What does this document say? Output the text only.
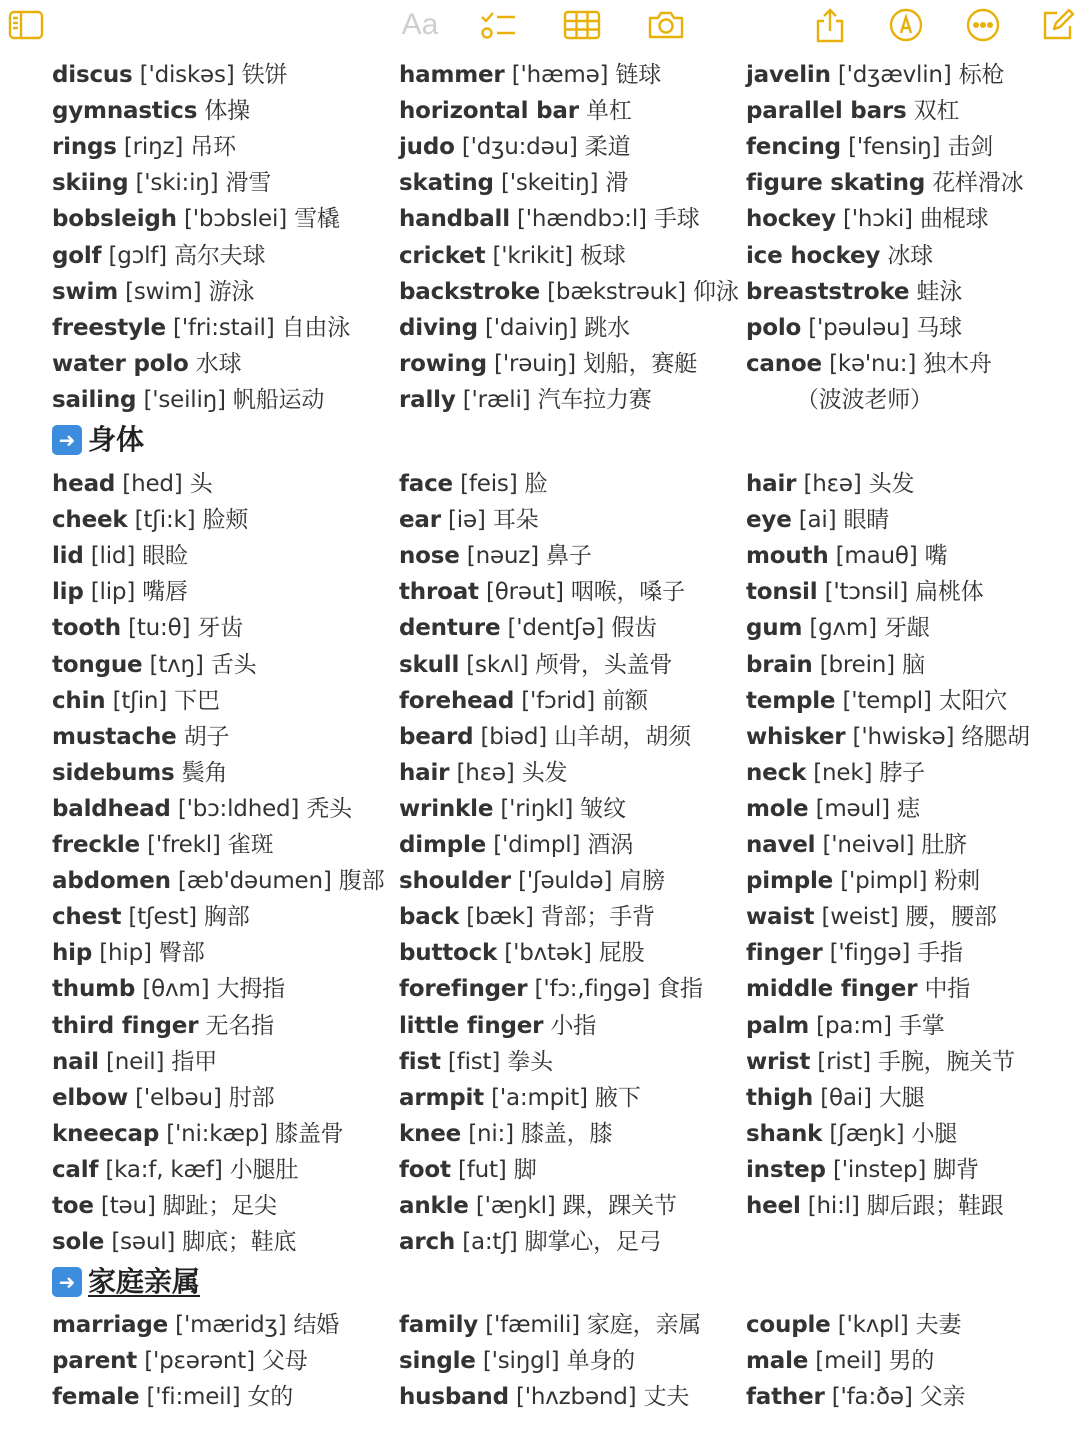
Aa
discus ['diskəs] 铁饼
gymnastics 体操
rings [riŋz] 吊环
skiing ['ski:iŋ] 滑雪
bobsleigh ['bɔbslei] 雪橇
golf [gɔlf] 高尔夫球
swim [swim] 游泳
freestyle ['fri:stail] 自由泳
water polo 水球
sailing ['seiliŋ] 帆船运动
hammer ['hæmə] 链球
horizontal bar 单杠
judo ['dʒu:dəu] 柔道
skating ['skeitiŋ] 滑
handball ['hændbɔ:l] 手球
cricket ['krikit] 板球
backstroke [bækstrəuk] 仰泳
diving ['daiviŋ] 跳水
rowing ['rəuiŋ] 划船，赛艇
rally ['ræli] 汽车拉力赛
javelin ['dʒævlin] 标枪
parallel bars 双杠
fencing ['fensiŋ] 击剑
figure skating 花样滑冰
hockey ['hɔki] 曲棍球
ice hockey 冰球
breaststroke 蛙泳
polo ['pəuləu] 马球
canoe [kə'nu:] 独木舟
（波波老师）
➜
身体
head [hed] 头
cheek [tʃi:k] 脸颊
lid [lid] 眼睑
lip [lip] 嘴唇
tooth [tu:θ] 牙齿
tongue [tʌŋ] 舌头
chin [tʃin] 下巴
mustache 胡子
sidebums 鬓角
baldhead ['bɔ:ldhed] 秃头
freckle ['frekl] 雀斑
abdomen [æb'dəumen] 腹部
chest [tʃest] 胸部
hip [hip] 臀部
thumb [θʌm] 大拇指
third finger 无名指
nail [neil] 指甲
elbow ['elbəu] 肘部
kneecap ['ni:kæp] 膝盖骨
calf [ka:f, kæf] 小腿肚
toe [təu] 脚趾；足尖
sole [səul] 脚底；鞋底
face [feis] 脸
ear [iə] 耳朵
nose [nəuz] 鼻子
throat [θrəut] 咽喉，嗓子
denture ['dentʃə] 假齿
skull [skʌl] 颅骨，头盖骨
forehead ['fɔrid] 前额
beard [biəd] 山羊胡，胡须
hair [hεə] 头发
wrinkle ['riŋkl] 皱纹
dimple ['dimpl] 酒涡
shoulder ['ʃəuldə] 肩膀
back [bæk] 背部；手背
buttock ['bʌtək] 屁股
forefinger ['fɔ:,fiŋgə] 食指
little finger 小指
fist [fist] 拳头
armpit ['a:mpit] 腋下
knee [ni:] 膝盖，膝
foot [fut] 脚
ankle ['æŋkl] 踝，踝关节
arch [a:tʃ] 脚掌心，足弓
hair [hεə] 头发
eye [ai] 眼睛
mouth [mauθ] 嘴
tonsil ['tɔnsil] 扁桃体
gum [gʌm] 牙龈
brain [brein] 脑
temple ['templ] 太阳穴
whisker ['hwiskə] 络腮胡
neck [nek] 脖子
mole [məul] 痣
navel ['neivəl] 肚脐
pimple ['pimpl] 粉刺
waist [weist] 腰，腰部
finger ['fiŋgə] 手指
middle finger 中指
palm [pa:m] 手掌
wrist [rist] 手腕，腕关节
thigh [θai] 大腿
shank [ʃæŋk] 小腿
instep ['instep] 脚背
heel [hi:l] 脚后跟；鞋跟
➜
家庭亲属
marriage ['mæridʒ] 结婚
parent ['pεərənt] 父母
female ['fi:meil] 女的
family ['fæmili] 家庭，亲属
single ['siŋgl] 单身的
husband ['hʌzbənd] 丈夫
couple ['kʌpl] 夫妻
male [meil] 男的
father ['fa:ðə] 父亲
